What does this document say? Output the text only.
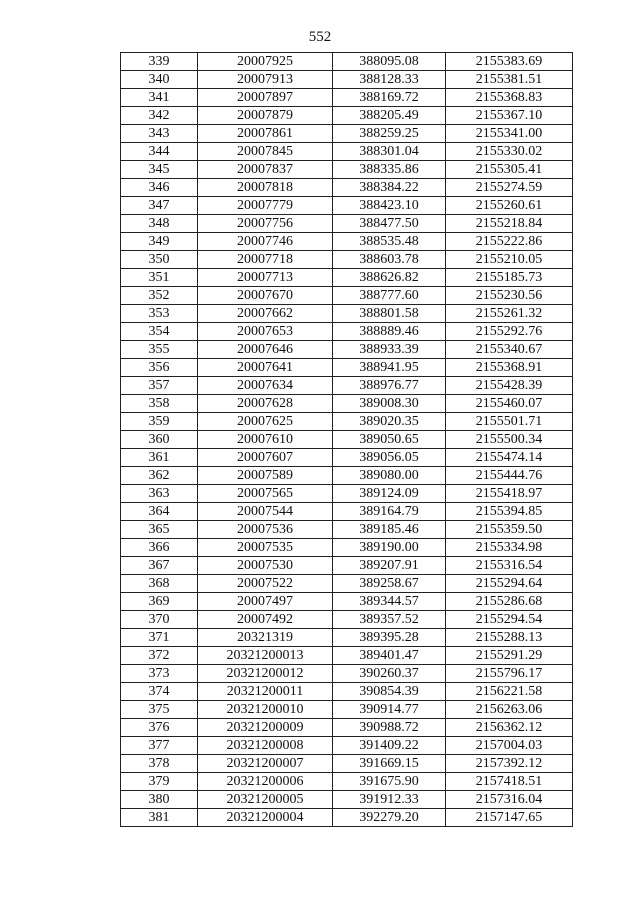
552
339	20007925	388095.08	2155383.69
340	20007913	388128.33	2155381.51
341	20007897	388169.72	2155368.83
342	20007879	388205.49	2155367.10
343	20007861	388259.25	2155341.00
344	20007845	388301.04	2155330.02
345	20007837	388335.86	2155305.41
346	20007818	388384.22	2155274.59
347	20007779	388423.10	2155260.61
348	20007756	388477.50	2155218.84
349	20007746	388535.48	2155222.86
350	20007718	388603.78	2155210.05
351	20007713	388626.82	2155185.73
352	20007670	388777.60	2155230.56
353	20007662	388801.58	2155261.32
354	20007653	388889.46	2155292.76
355	20007646	388933.39	2155340.67
356	20007641	388941.95	2155368.91
357	20007634	388976.77	2155428.39
358	20007628	389008.30	2155460.07
359	20007625	389020.35	2155501.71
360	20007610	389050.65	2155500.34
361	20007607	389056.05	2155474.14
362	20007589	389080.00	2155444.76
363	20007565	389124.09	2155418.97
364	20007544	389164.79	2155394.85
365	20007536	389185.46	2155359.50
366	20007535	389190.00	2155334.98
367	20007530	389207.91	2155316.54
368	20007522	389258.67	2155294.64
369	20007497	389344.57	2155286.68
370	20007492	389357.52	2155294.54
371	20321319	389395.28	2155288.13
372	20321200013	389401.47	2155291.29
373	20321200012	390260.37	2155796.17
374	20321200011	390854.39	2156221.58
375	20321200010	390914.77	2156263.06
376	20321200009	390988.72	2156362.12
377	20321200008	391409.22	2157004.03
378	20321200007	391669.15	2157392.12
379	20321200006	391675.90	2157418.51
380	20321200005	391912.33	2157316.04
381	20321200004	392279.20	2157147.65
